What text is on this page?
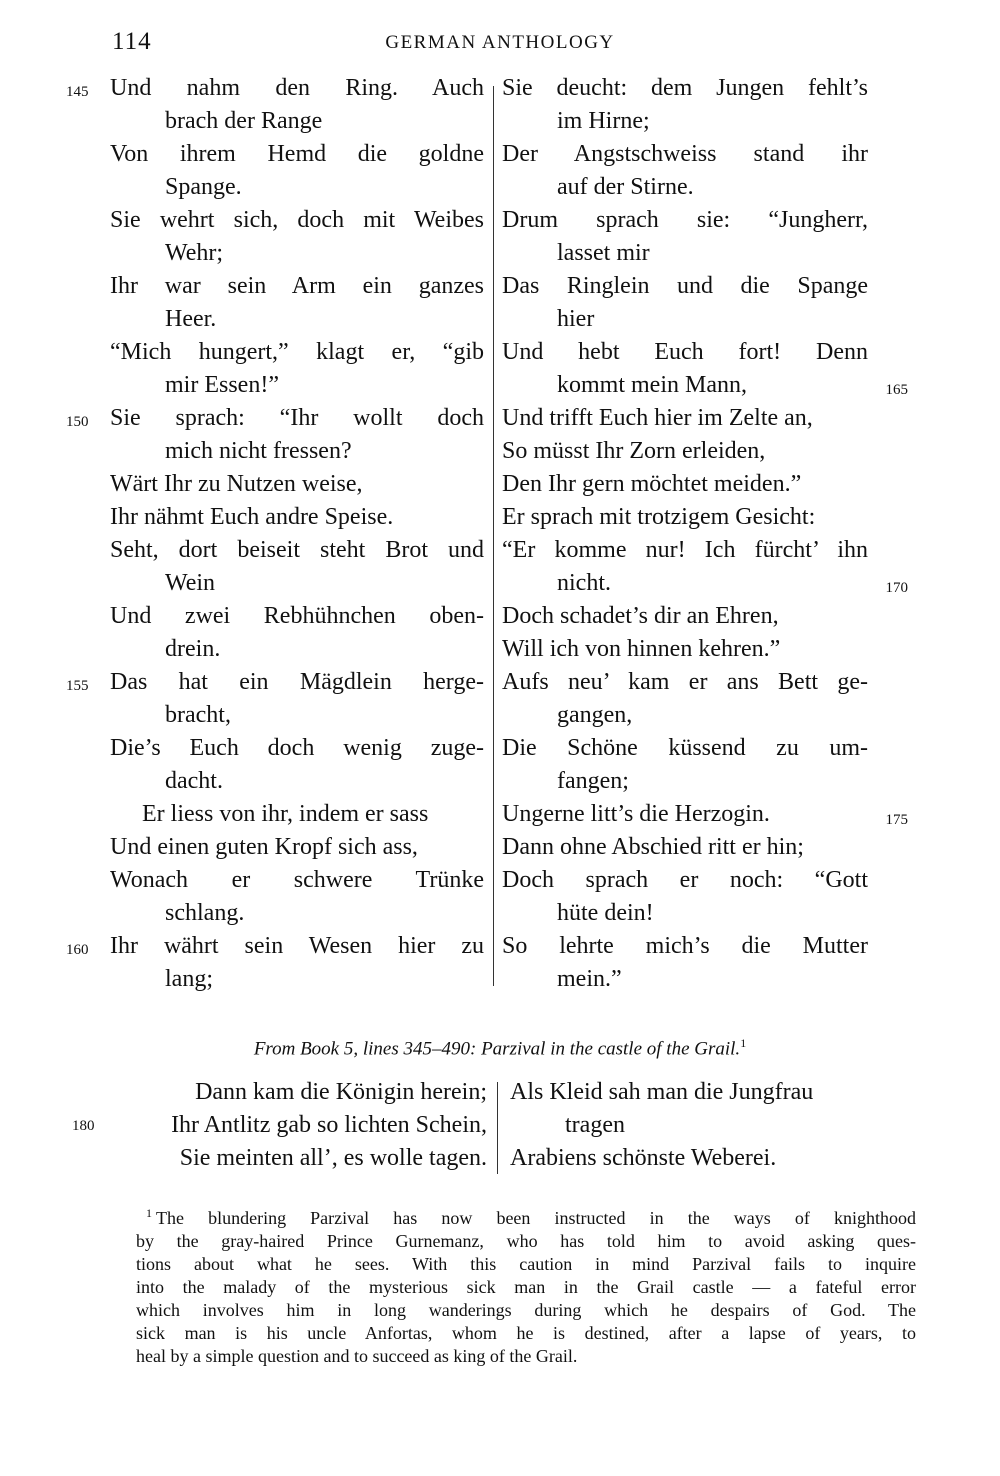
114	GERMAN ANTHOLOGY
Und nahm den Ring. Auch
brach der Range
145
Von ihrem Hemd die goldne
Spange.
Sie wehrt sich, doch mit Weibes
Wehr;
Ihr war sein Arm ein ganzes
Heer.
“Mich hungert,” klagt er, “gib
mir Essen!”
Sie sprach: “Ihr wollt doch
mich nicht fressen?
150
Wärt Ihr zu Nutzen weise,
Ihr nähmt Euch andre Speise.
Seht, dort beiseit steht Brot und
Wein
Und zwei Rebhühnchen oben-
drein.
Das hat ein Mägdlein herge-
bracht,
155
Die’s Euch doch wenig zuge-
dacht.
Er liess von ihr, indem er sass
Und einen guten Kropf sich ass,
Wonach er schwere Trünke
schlang.
Ihr währt sein Wesen hier zu
lang;
160
Sie deucht: dem Jungen fehlt’s
im Hirne;
Der Angstschweiss stand ihr
auf der Stirne.
Drum sprach sie: “Jungherr,
lasset mir
Das Ringlein und die Spange
hier
Und hebt Euch fort! Denn
kommt mein Mann,	165
Und trifft Euch hier im Zelte an,
So müsst Ihr Zorn erleiden,
Den Ihr gern möchtet meiden.”
Er sprach mit trotzigem Gesicht:
“Er komme nur! Ich fürcht’ ihn
nicht.	170
Doch schadet’s dir an Ehren,
Will ich von hinnen kehren.”
Aufs neu’ kam er ans Bett ge-
gangen,
Die Schöne küssend zu um-
fangen;
Ungerne litt’s die Herzogin.	175
Dann ohne Abschied ritt er hin;
Doch sprach er noch: “Gott
hüte dein!
So lehrte mich’s die Mutter
mein.”
From Book 5, lines 345–490: Parzival in the castle of the Grail.$^1$
180
Dann kam die Königin herein;
Ihr Antlitz gab so lichten Schein,
Sie meinten all’, es wolle tagen.
Als Kleid sah man die Jungfrau
tragen
Arabiens schönste Weberei.
$^1$ The blundering Parzival has now been instructed in the ways of knighthood
by the gray-haired Prince Gurnemanz, who has told him to avoid asking ques-
tions about what he sees. With this caution in mind Parzival fails to inquire
into the malady of the mysterious sick man in the Grail castle — a fateful error
which involves him in long wanderings during which he despairs of God. The
sick man is his uncle Anfortas, whom he is destined, after a lapse of years, to
heal by a simple question and to succeed as king of the Grail.
